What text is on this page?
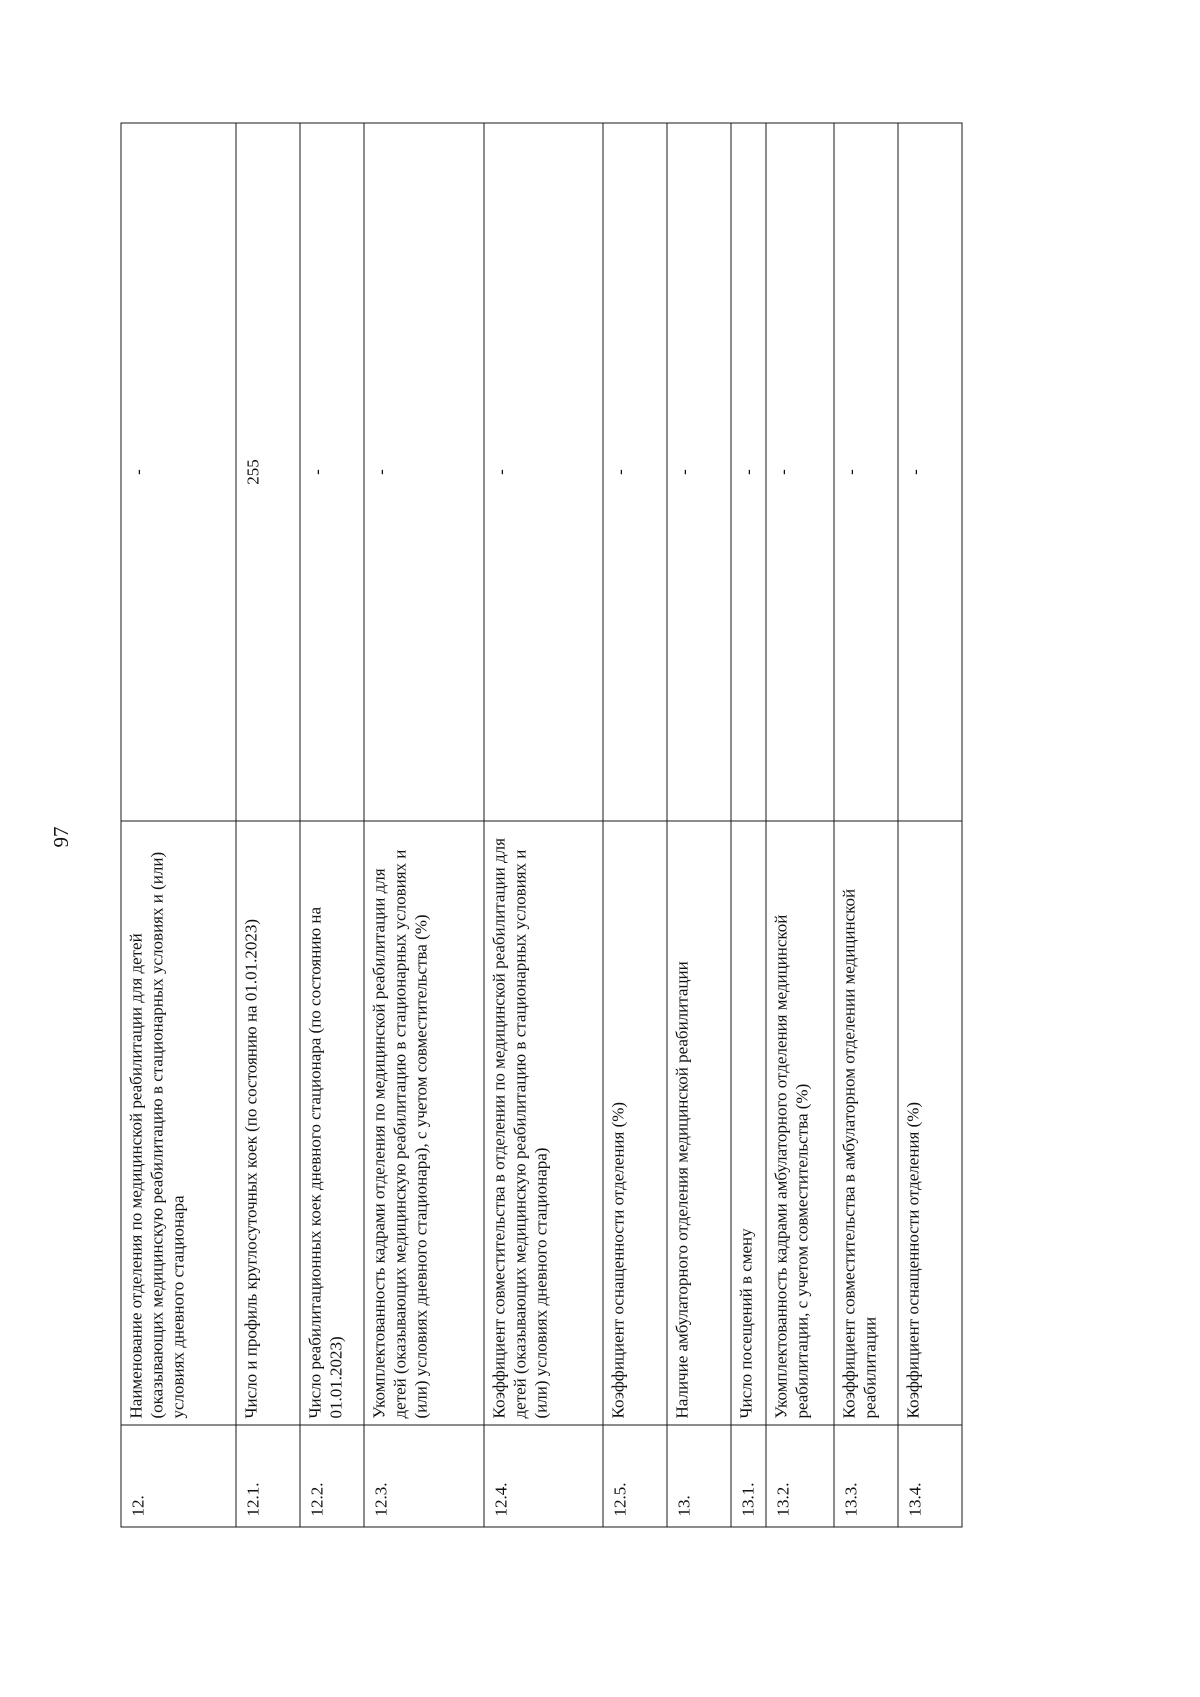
97
12.	Наименование отделения по медицинской реабилитации для детей (оказывающих медицинскую реабилитацию в стационарных условиях и (или) условиях дневного стационара	-
12.1.	Число и профиль круглосуточных коек (по состоянию на 01.01.2023)	255
12.2.	Число реабилитационных коек дневного стационара (по состоянию на 01.01.2023)	-
12.3.	Укомплектованность кадрами отделения по медицинской реабилитации для детей (оказывающих медицинскую реабилитацию в стационарных условиях и (или) условиях дневного стационара), с учетом совместительства (%)	-
12.4.	Коэффициент совместительства в отделении по медицинской реабилитации для детей (оказывающих медицинскую реабилитацию в стационарных условиях и (или) условиях дневного стационара)	-
12.5.	Коэффициент оснащенности отделения (%)	-
13.	Наличие амбулаторного отделения медицинской реабилитации	-
13.1.	Число посещений в смену	-
13.2.	Укомплектованность кадрами амбулаторного отделения медицинской реабилитации, с учетом совместительства (%)	-
13.3.	Коэффициент совместительства в амбулаторном отделении медицинской реабилитации	-
13.4.	Коэффициент оснащенности отделения (%)	-
